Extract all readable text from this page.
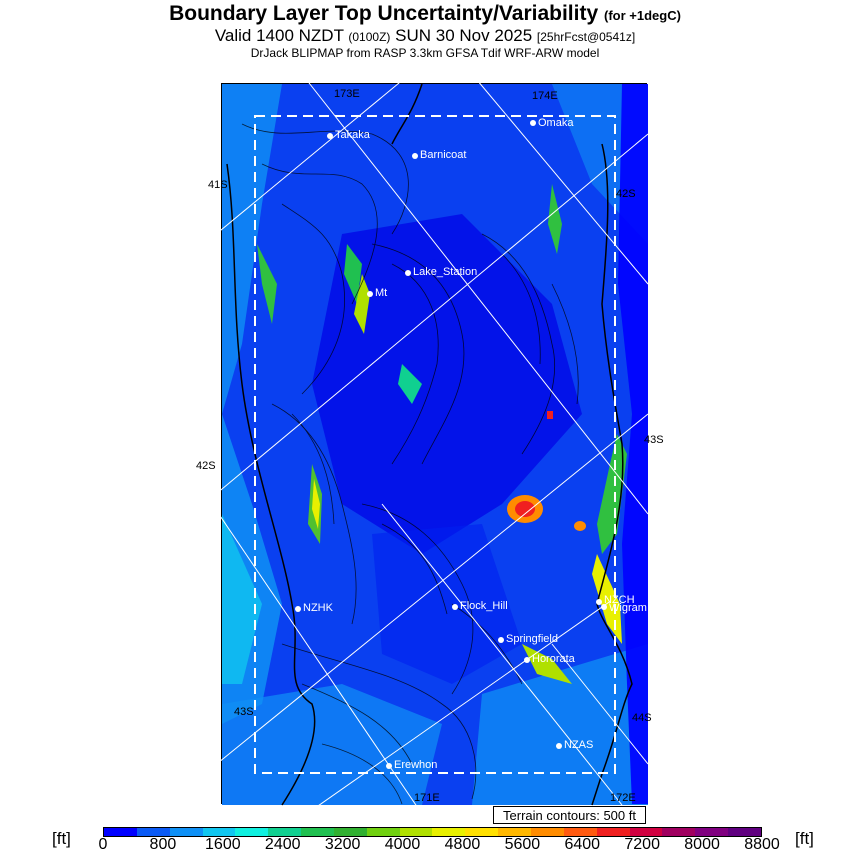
Boundary Layer Top Uncertainty/Variability (for +1degC)
Valid 1400 NZDT (0100Z) SUN 30 Nov 2025 [25hrFcst@0541z]
DrJack BLIPMAP from RASP 3.3km GFSA Tdif WRF-ARW model
Takaka
Barnicoat
Omaka
Lake_Station
Mt
NZHK	Flock_Hill	NZCH
Wigram
Springfield
Hororata
NZAS
Erewhon
173E	174E
42S
43S
43S	44S
171E	172E
41S
42S
Terrain contours: 500 ft
[ft]	[ft]
0	800 1600 2400 3200 4000 4800 5600 6400 7200 8000 8800
